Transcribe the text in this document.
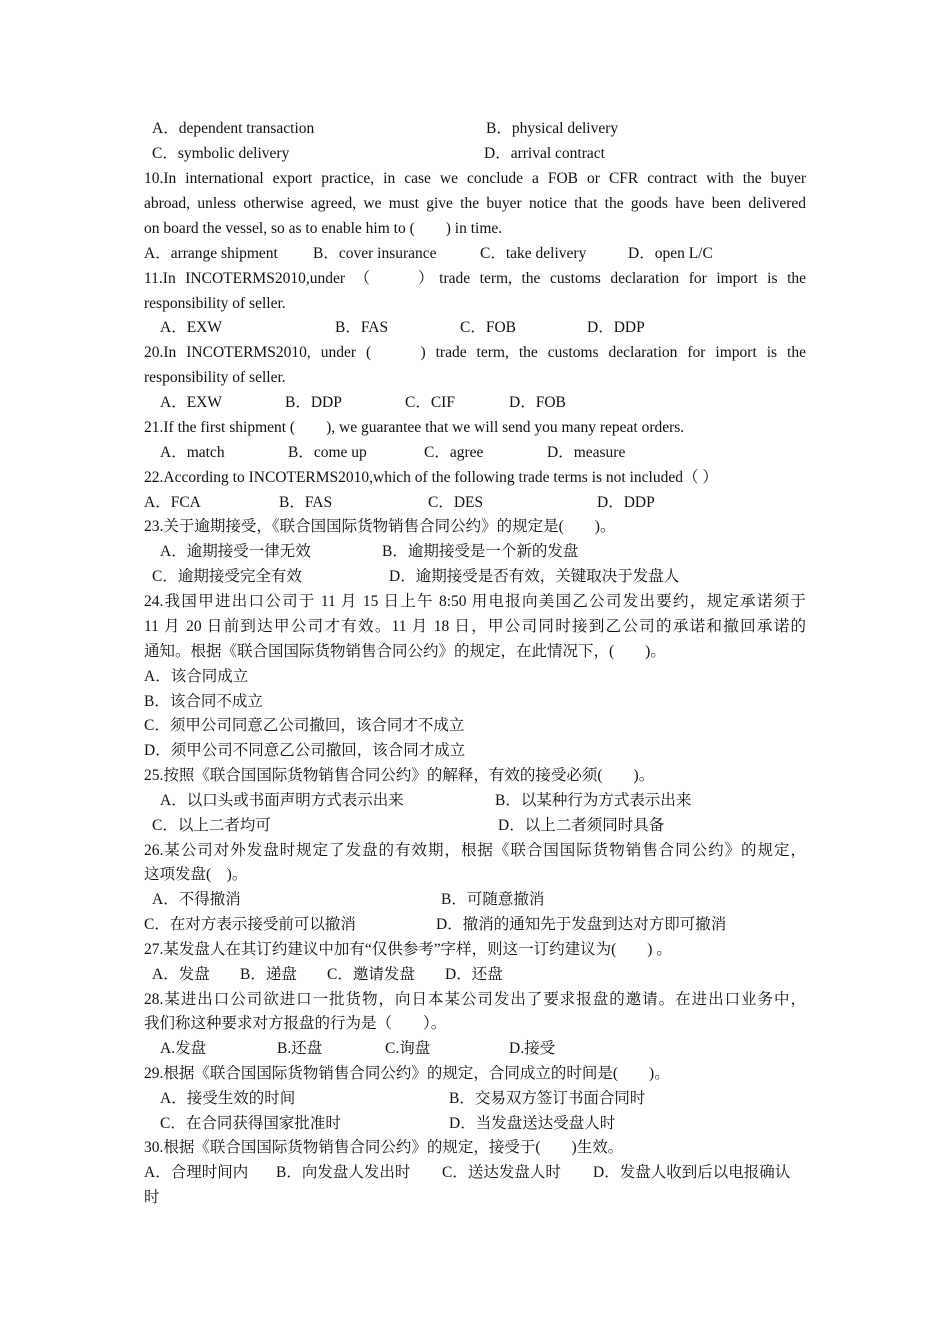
A．dependent transaction	B．physical delivery
C．symbolic delivery	D．arrival contract
10.In international export practice, in case we conclude a FOB or CFR contract with the buyer
abroad, unless otherwise agreed, we must give the buyer notice that the goods have been delivered
on board the vessel, so as to enable him to (　　) in time.
A．arrange shipment B．cover insurance	C．take delivery	D．open L/C
11.In INCOTERMS2010,under （　　）trade term, the customs declaration for import is the
responsibility of seller.
A．EXW	B．FAS	C．FOB	D．DDP
20.In INCOTERMS2010, under (　　) trade term, the customs declaration for import is the
responsibility of seller.
A．EXW	B．DDP	C．CIF	D．FOB
21.If the first shipment (　　), we guarantee that we will send you many repeat orders.
A．match	B．come up	C．agree	D．measure
22.According to INCOTERMS2010,which of the following trade terms is not included（ ）
A．FCA	B．FAS	C．DES	D．DDP
23.关于逾期接受，《联合国国际货物销售合同公约》的规定是(　　)。
A．逾期接受一律无效	B．逾期接受是一个新的发盘
C．逾期接受完全有效	D．逾期接受是否有效，关键取决于发盘人
24.我国甲进出口公司于 11 月 15 日上午 8:50 用电报向美国乙公司发出要约，规定承诺须于
11 月 20 日前到达甲公司才有效。11 月 18 日，甲公司同时接到乙公司的承诺和撤回承诺的
通知。根据《联合国国际货物销售合同公约》的规定，在此情况下，(　　)。
A．该合同成立
B．该合同不成立
C．须甲公司同意乙公司撤回，该合同才不成立
D．须甲公司不同意乙公司撤回，该合同才成立
25.按照《联合国国际货物销售合同公约》的解释，有效的接受必须(　　)。
A．以口头或书面声明方式表示出来	B．以某种行为方式表示出来
C．以上二者均可	D．以上二者须同时具备
26.某公司对外发盘时规定了发盘的有效期，根据《联合国国际货物销售合同公约》的规定，
这项发盘(　)。
A．不得撤消	B．可随意撤消
C．在对方表示接受前可以撤消	D．撤消的通知先于发盘到达对方即可撤消
27.某发盘人在其订约建议中加有“仅供参考”字样，则这一订约建议为(　　) 。
A．发盘 B．递盘 C．邀请发盘 D．还盘
28.某进出口公司欲进口一批货物，向日本某公司发出了要求报盘的邀请。在进出口业务中，
我们称这种要求对方报盘的行为是（　　）。
A.发盘	B.还盘	C.询盘	D.接受
29.根据《联合国国际货物销售合同公约》的规定，合同成立的时间是(　　)。
A．接受生效的时间	B．交易双方签订书面合同时
C．在合同获得国家批准时	D．当发盘送达受盘人时
30.根据《联合国国际货物销售合同公约》的规定，接受于(　　)生效。
A．合理时间内 B．向发盘人发出时 C．送达发盘人时 D．发盘人收到后以电报确认
时
